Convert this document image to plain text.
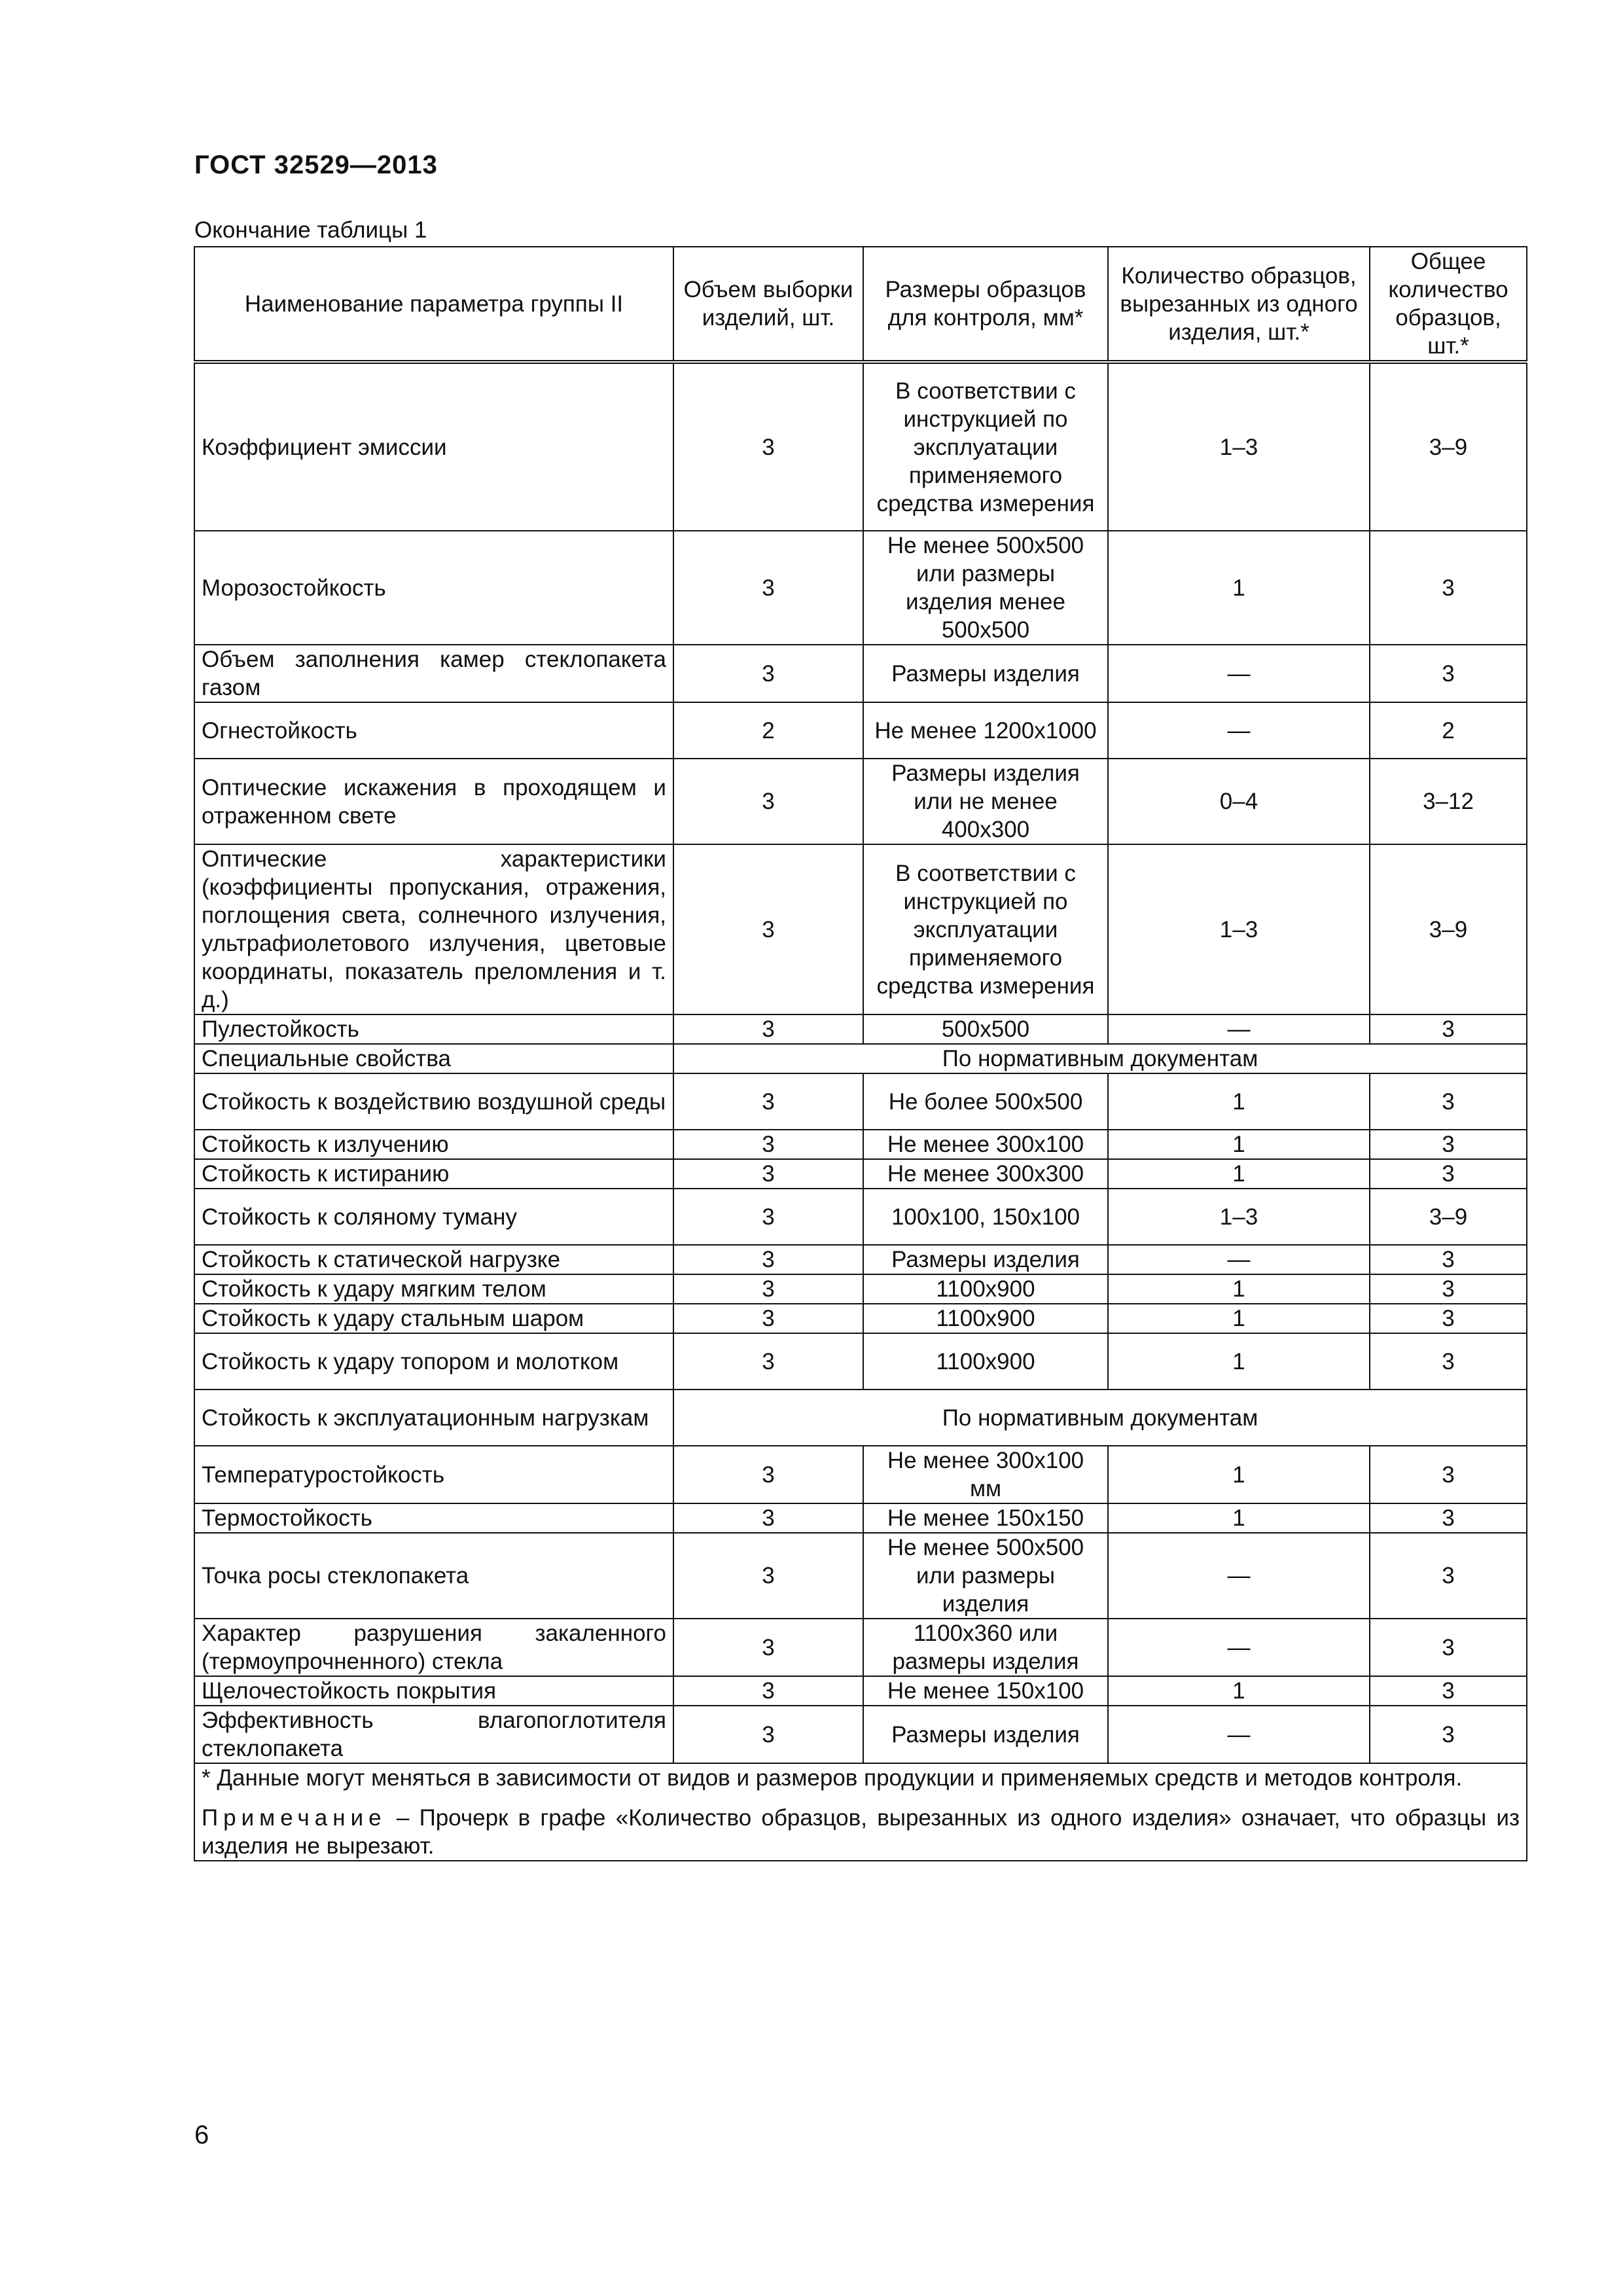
ГОСТ 32529—2013
Окончание таблицы 1
Наименование параметра группы II	Объем выборки изделий, шт.	Размеры образцов для контроля, мм*	Количество образцов, вырезанных из одного изделия, шт.*	Общее количество образцов, шт.*
Коэффициент эмиссии	3	В соответствии с инструкцией по эксплуатации применяемого средства измерения	1–3	3–9
Морозостойкость	3	Не менее 500x500 или размеры изделия менее 500x500	1	3
Объем заполнения камер стеклопакета газом	3	Размеры изделия	—	3
Огнестойкость	2	Не менее 1200x1000	—	2
Оптические искажения в проходящем и отраженном свете	3	Размеры изделия или не менее 400x300	0–4	3–12
Оптические характеристики (коэффициенты пропускания, отражения, поглощения света, солнечного излучения, ультрафиолетового излучения, цветовые координаты, показатель преломления и т. д.)	3	В соответствии с инструкцией по эксплуатации применяемого средства измерения	1–3	3–9
Пулестойкость	3	500x500	—	3
Специальные свойства	По нормативным документам			
Стойкость к воздействию воздушной среды	3	Не более 500x500	1	3
Стойкость к излучению	3	Не менее 300x100	1	3
Стойкость к истиранию	3	Не менее 300x300	1	3
Стойкость к соляному туману	3	100x100, 150x100	1–3	3–9
Стойкость к статической нагрузке	3	Размеры изделия	—	3
Стойкость к удару мягким телом	3	1100x900	1	3
Стойкость к удару стальным шаром	3	1100x900	1	3
Стойкость к удару топором и молотком	3	1100x900	1	3
Стойкость к эксплуатационным нагрузкам	По нормативным документам			
Температуростойкость	3	Не менее 300x100 мм	1	3
Термостойкость	3	Не менее 150x150	1	3
Точка росы стеклопакета	3	Не менее 500x500 или размеры изделия	—	3
Характер разрушения закаленного (термоупрочненного) стекла	3	1100x360 или размеры изделия	—	3
Щелочестойкость покрытия	3	Не менее 150x100	1	3
Эффективность влагопоглотителя стеклопакета	3	Размеры изделия	—	3

* Данные могут меняться в зависимости от видов и размеров продукции и применяемых средств и методов контроля.
Примечание – Прочерк в графе «Количество образцов, вырезанных из одного изделия» означает, что образцы из изделия не вырезают.				
6
